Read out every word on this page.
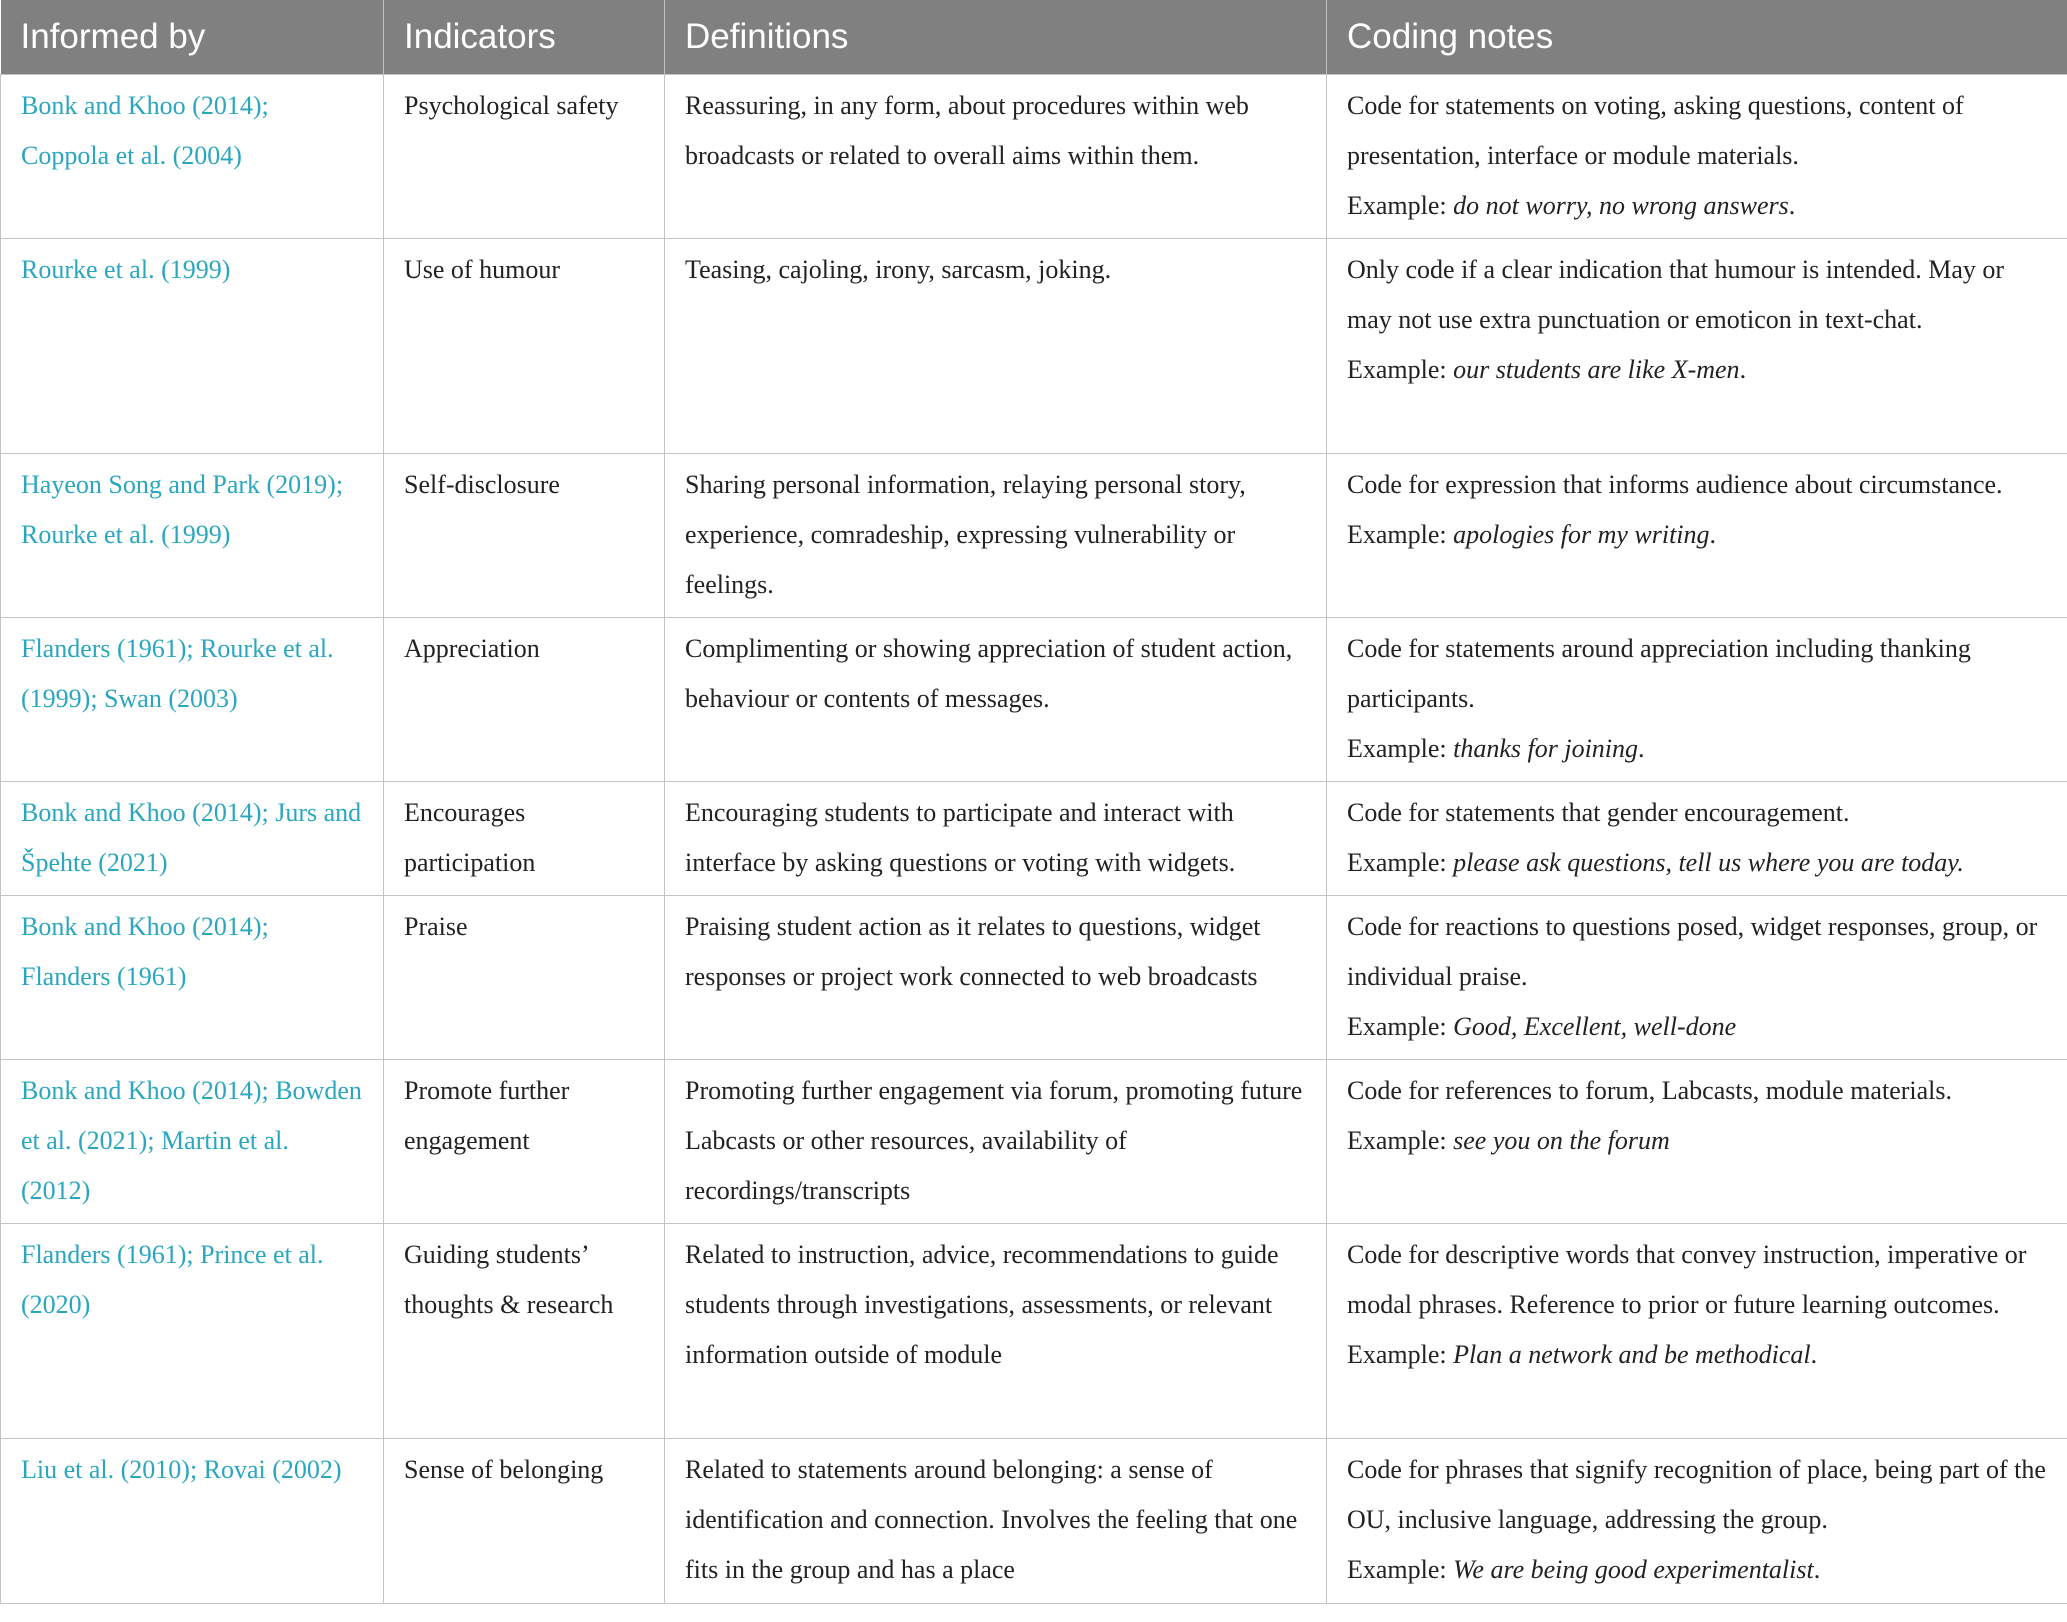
Informed by	Indicators	Definitions	Coding notes
Bonk and Khoo (2014); Coppola et al. (2004)	Psychological safety	Reassuring, in any form, about procedures within web broadcasts or related to overall aims within them.	Code for statements on voting, asking questions, content of presentation, interface or module materials.
Example: do not worry, no wrong answers.

Rourke et al. (1999)	Use of humour	Teasing, cajoling, irony, sarcasm, joking.	Only code if a clear indication that humour is intended. May or may not use extra punctuation or emoticon in text-chat.
Example: our students are like X-men.

Hayeon Song and Park (2019); Rourke et al. (1999)	Self-disclosure	Sharing personal information, relaying personal story, experience, comradeship, expressing vulnerability or feelings.	Code for expression that informs audience about circumstance.
Example: apologies for my writing.

Flanders (1961); Rourke et al. (1999); Swan (2003)	Appreciation	Complimenting or showing appreciation of student action, behaviour or contents of messages.	Code for statements around appreciation including thanking participants.
Example: thanks for joining.

Bonk and Khoo (2014); Jurs and Špehte (2021)	Encourages participation	Encouraging students to participate and interact with interface by asking questions or voting with widgets.	Code for statements that gender encouragement.
Example: please ask questions, tell us where you are today.

Bonk and Khoo (2014); Flanders (1961)	Praise	Praising student action as it relates to questions, widget responses or project work connected to web broadcasts	Code for reactions to questions posed, widget responses, group, or individual praise.
Example: Good, Excellent, well-done

Bonk and Khoo (2014); Bowden et al. (2021); Martin et al. (2012)	Promote further engagement	Promoting further engagement via forum, promoting future Labcasts or other resources, availability of recordings/transcripts	Code for references to forum, Labcasts, module materials.
Example: see you on the forum

Flanders (1961); Prince et al. (2020)	Guiding students’ thoughts & research	Related to instruction, advice, recommendations to guide students through investigations, assessments, or relevant information outside of module	Code for descriptive words that convey instruction, imperative or modal phrases. Reference to prior or future learning outcomes.
Example: Plan a network and be methodical.

Liu et al. (2010); Rovai (2002)	Sense of belonging	Related to statements around belonging: a sense of identification and connection. Involves the feeling that one fits in the group and has a place	Code for phrases that signify recognition of place, being part of the OU, inclusive language, addressing the group.
Example: We are being good experimentalist.
